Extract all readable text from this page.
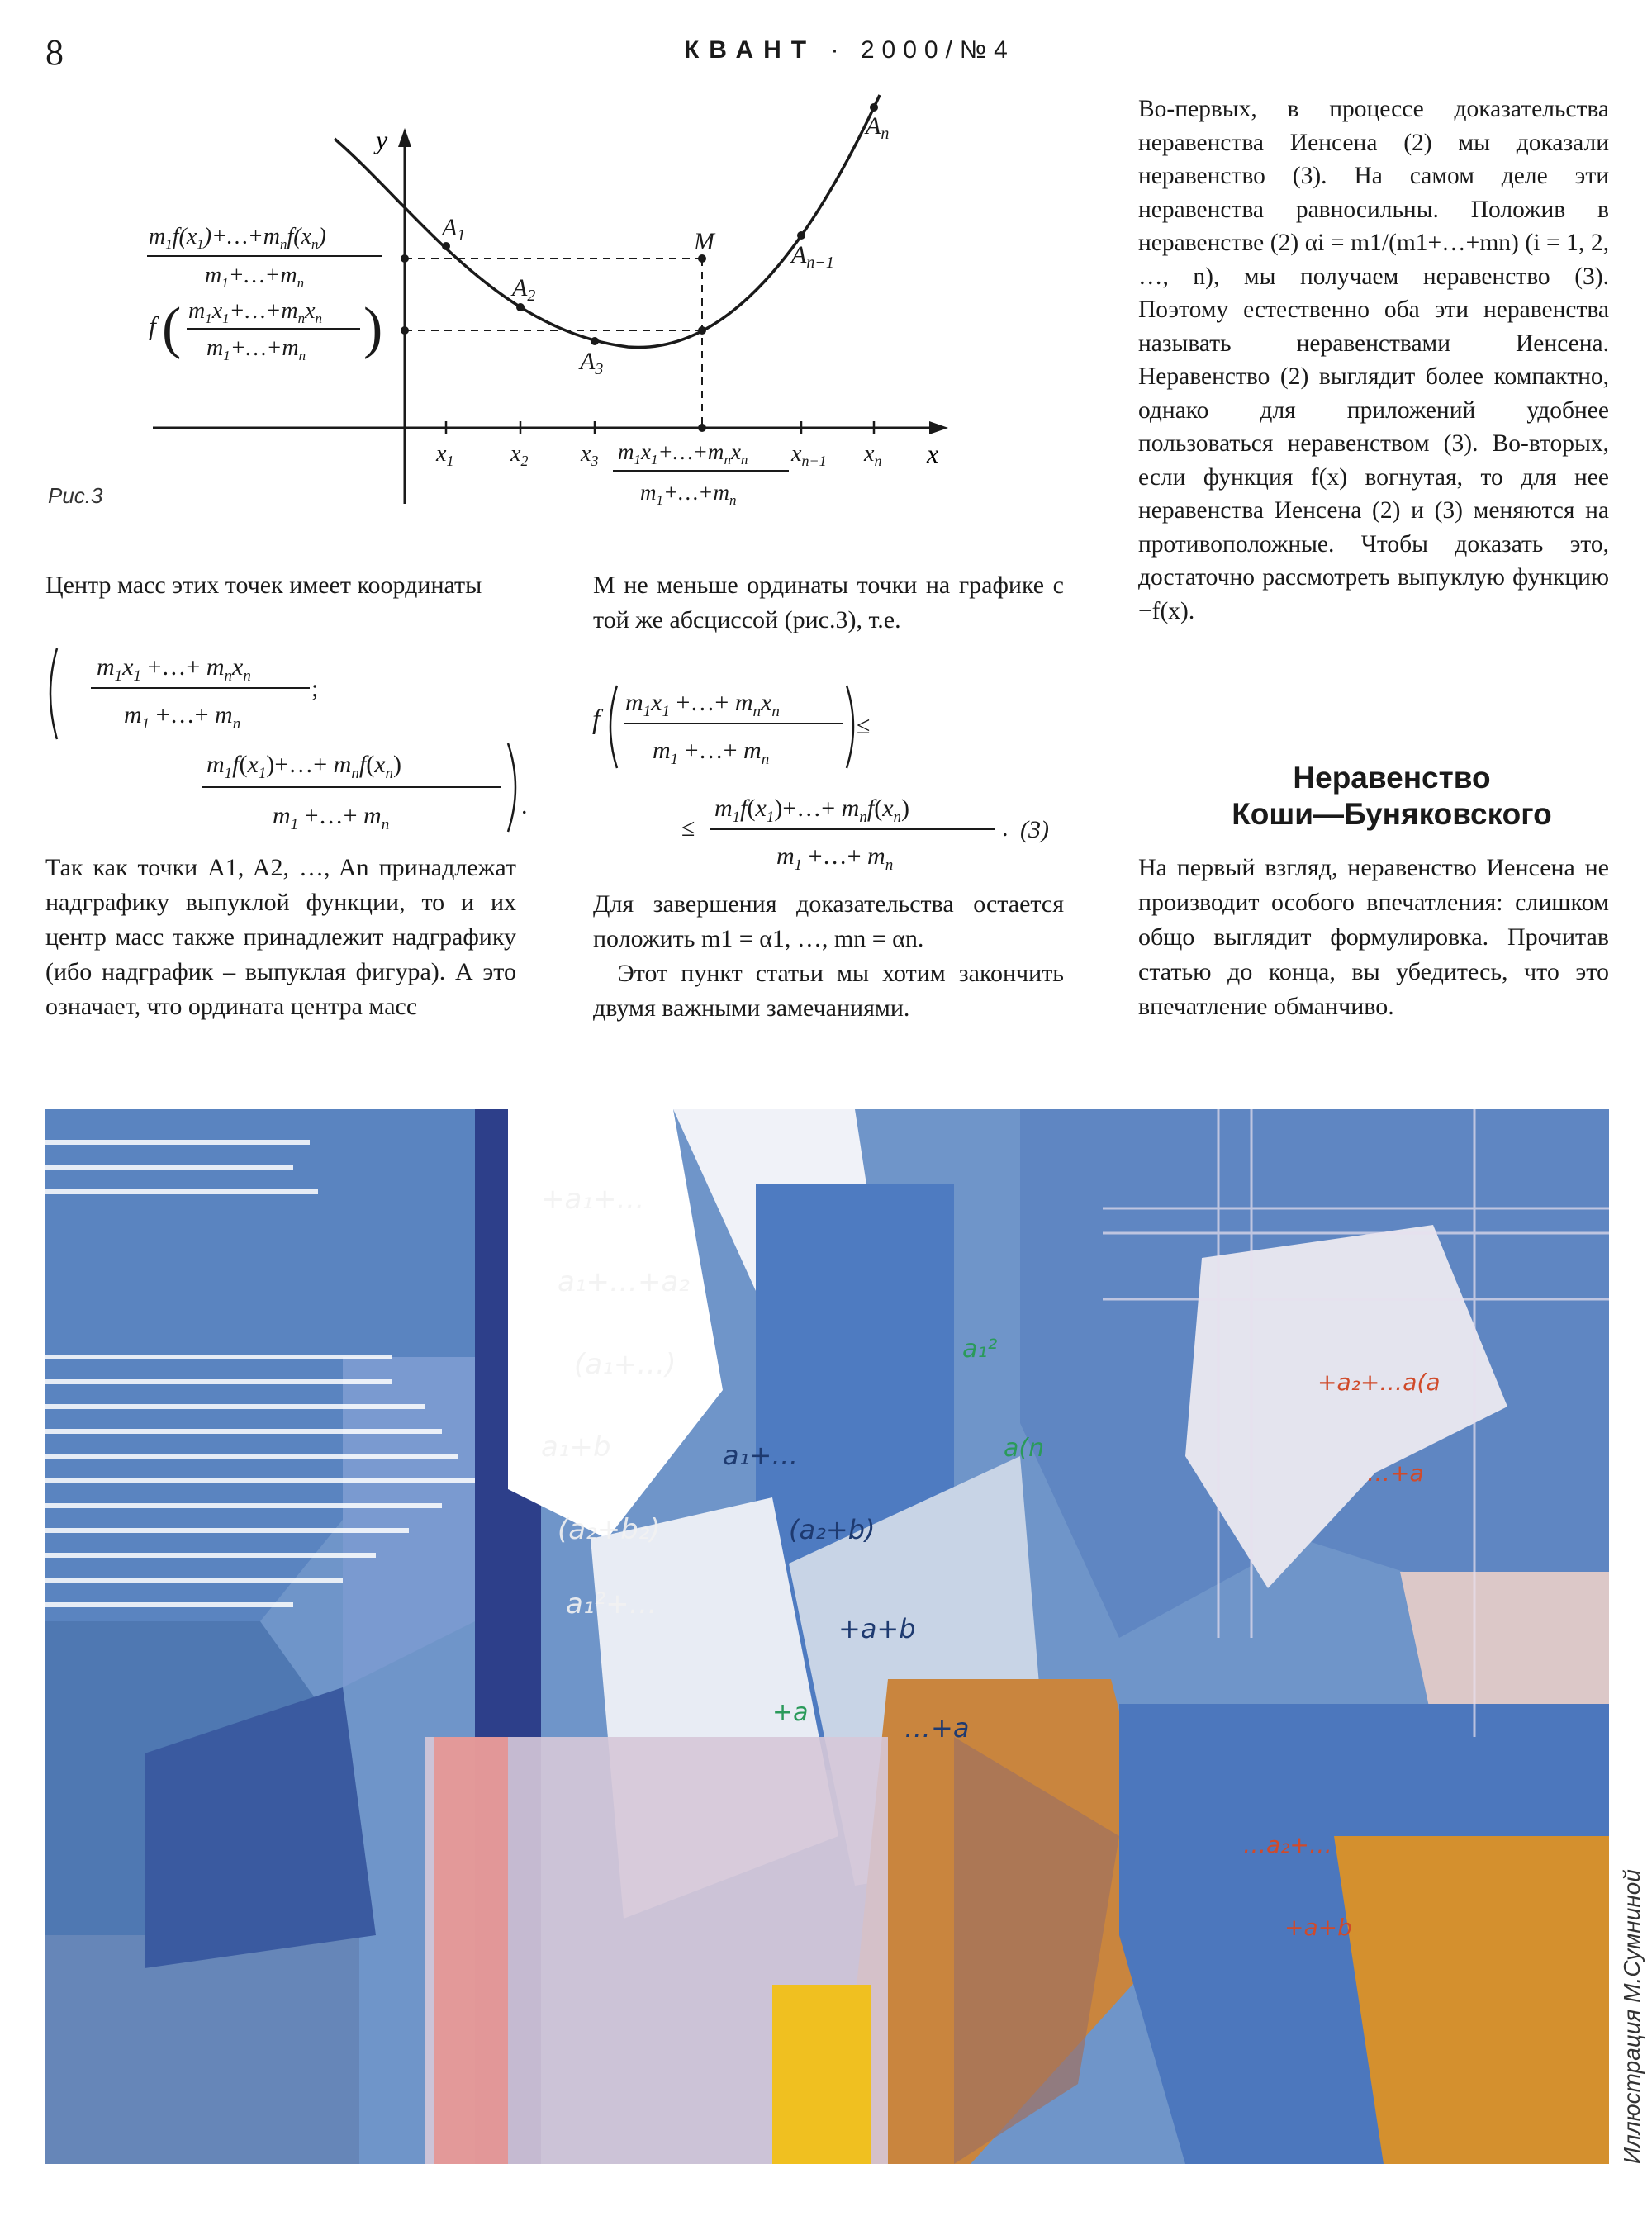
8	КВАНТ · 2000/№4
y
x
$A_1$
$A_2$
$A_3$
M	$A_{n-1}$
$A_n$
$x_1$ $x_2$ $x_3$	$x_{n-1}$ $x_n$
$m_1x_1+\dots+m_nx_n$
$m_1+\dots+m_n$
$m_1f(x_1)+\dots+m_nf(x_n)$
$m_1+\dots+m_n$
f ( $m_1x_1+\dots+m_nx_n$
$m_1+\dots+m_n$ )
Рис.3

Центр масс этих точек имеет координаты

$m_1x_1$ +…+ $m_nx_n$ ;
$m_1$ +…+ $m_n$
$m_1f(x_1)+\dots+ m_nf(x_n)$
$m_1$ +…+ $m_n$
.

Так как точки A1, A2, …, An принадлежат надграфику выпуклой функции, то и их центр масс также принадлежит надграфику (ибо надграфик – выпуклая фигура). А это означает, что ордината центра масс

M не меньше ординаты точки на графике с той же абсциссой (рис.3), т.е.

f
$m_1x_1$ +…+ $m_nx_n$
$m_1$ +…+ $m_n$
≤
≤
$m_1f(x_1)+\dots+ m_nf(x_n)$
$m_1$ +…+ $m_n$
. (3)

Для завершения доказательства остается положить m1 = α1, …, mn = αn.

Этот пункт статьи мы хотим закончить двумя важными замечаниями.

Во-первых, в процессе доказательства неравенства Иенсена (2) мы доказали неравенство (3). На самом деле эти неравенства равносильны. Положив в неравенстве (2) αi = m1/(m1+…+mn) (i = 1, 2, …, n), мы получаем неравенство (3). Поэтому естественно оба эти неравенства называть неравенствами Иенсена. Неравенство (2) выглядит более компактно, однако для приложений удобнее пользоваться неравенством (3). Во-вторых, если функция f(x) вогнутая, то для нее неравенства Иенсена (2) и (3) меняются на противоположные. Чтобы доказать это, достаточно рассмотреть выпуклую функцию −f(x).

Неравенство
Коши—Буняковского

На первый взгляд, неравенство Иенсена не производит особого впечатления: слишком общо выглядит формулировка. Прочитав статью до конца, вы убедитесь, что это впечатление обманчиво.

+a₁+…
a₁+…+a₂
(a₁+…)
a₁+b
(a₂+b₂)
a₁²+…
a₁+…
(a₂+b)
+a+b
…+a
a₁²
a(n
+a
+a₂+…a(a
…+a
…a₂+…
+a+b	Иллюстрация М.Сумниной
